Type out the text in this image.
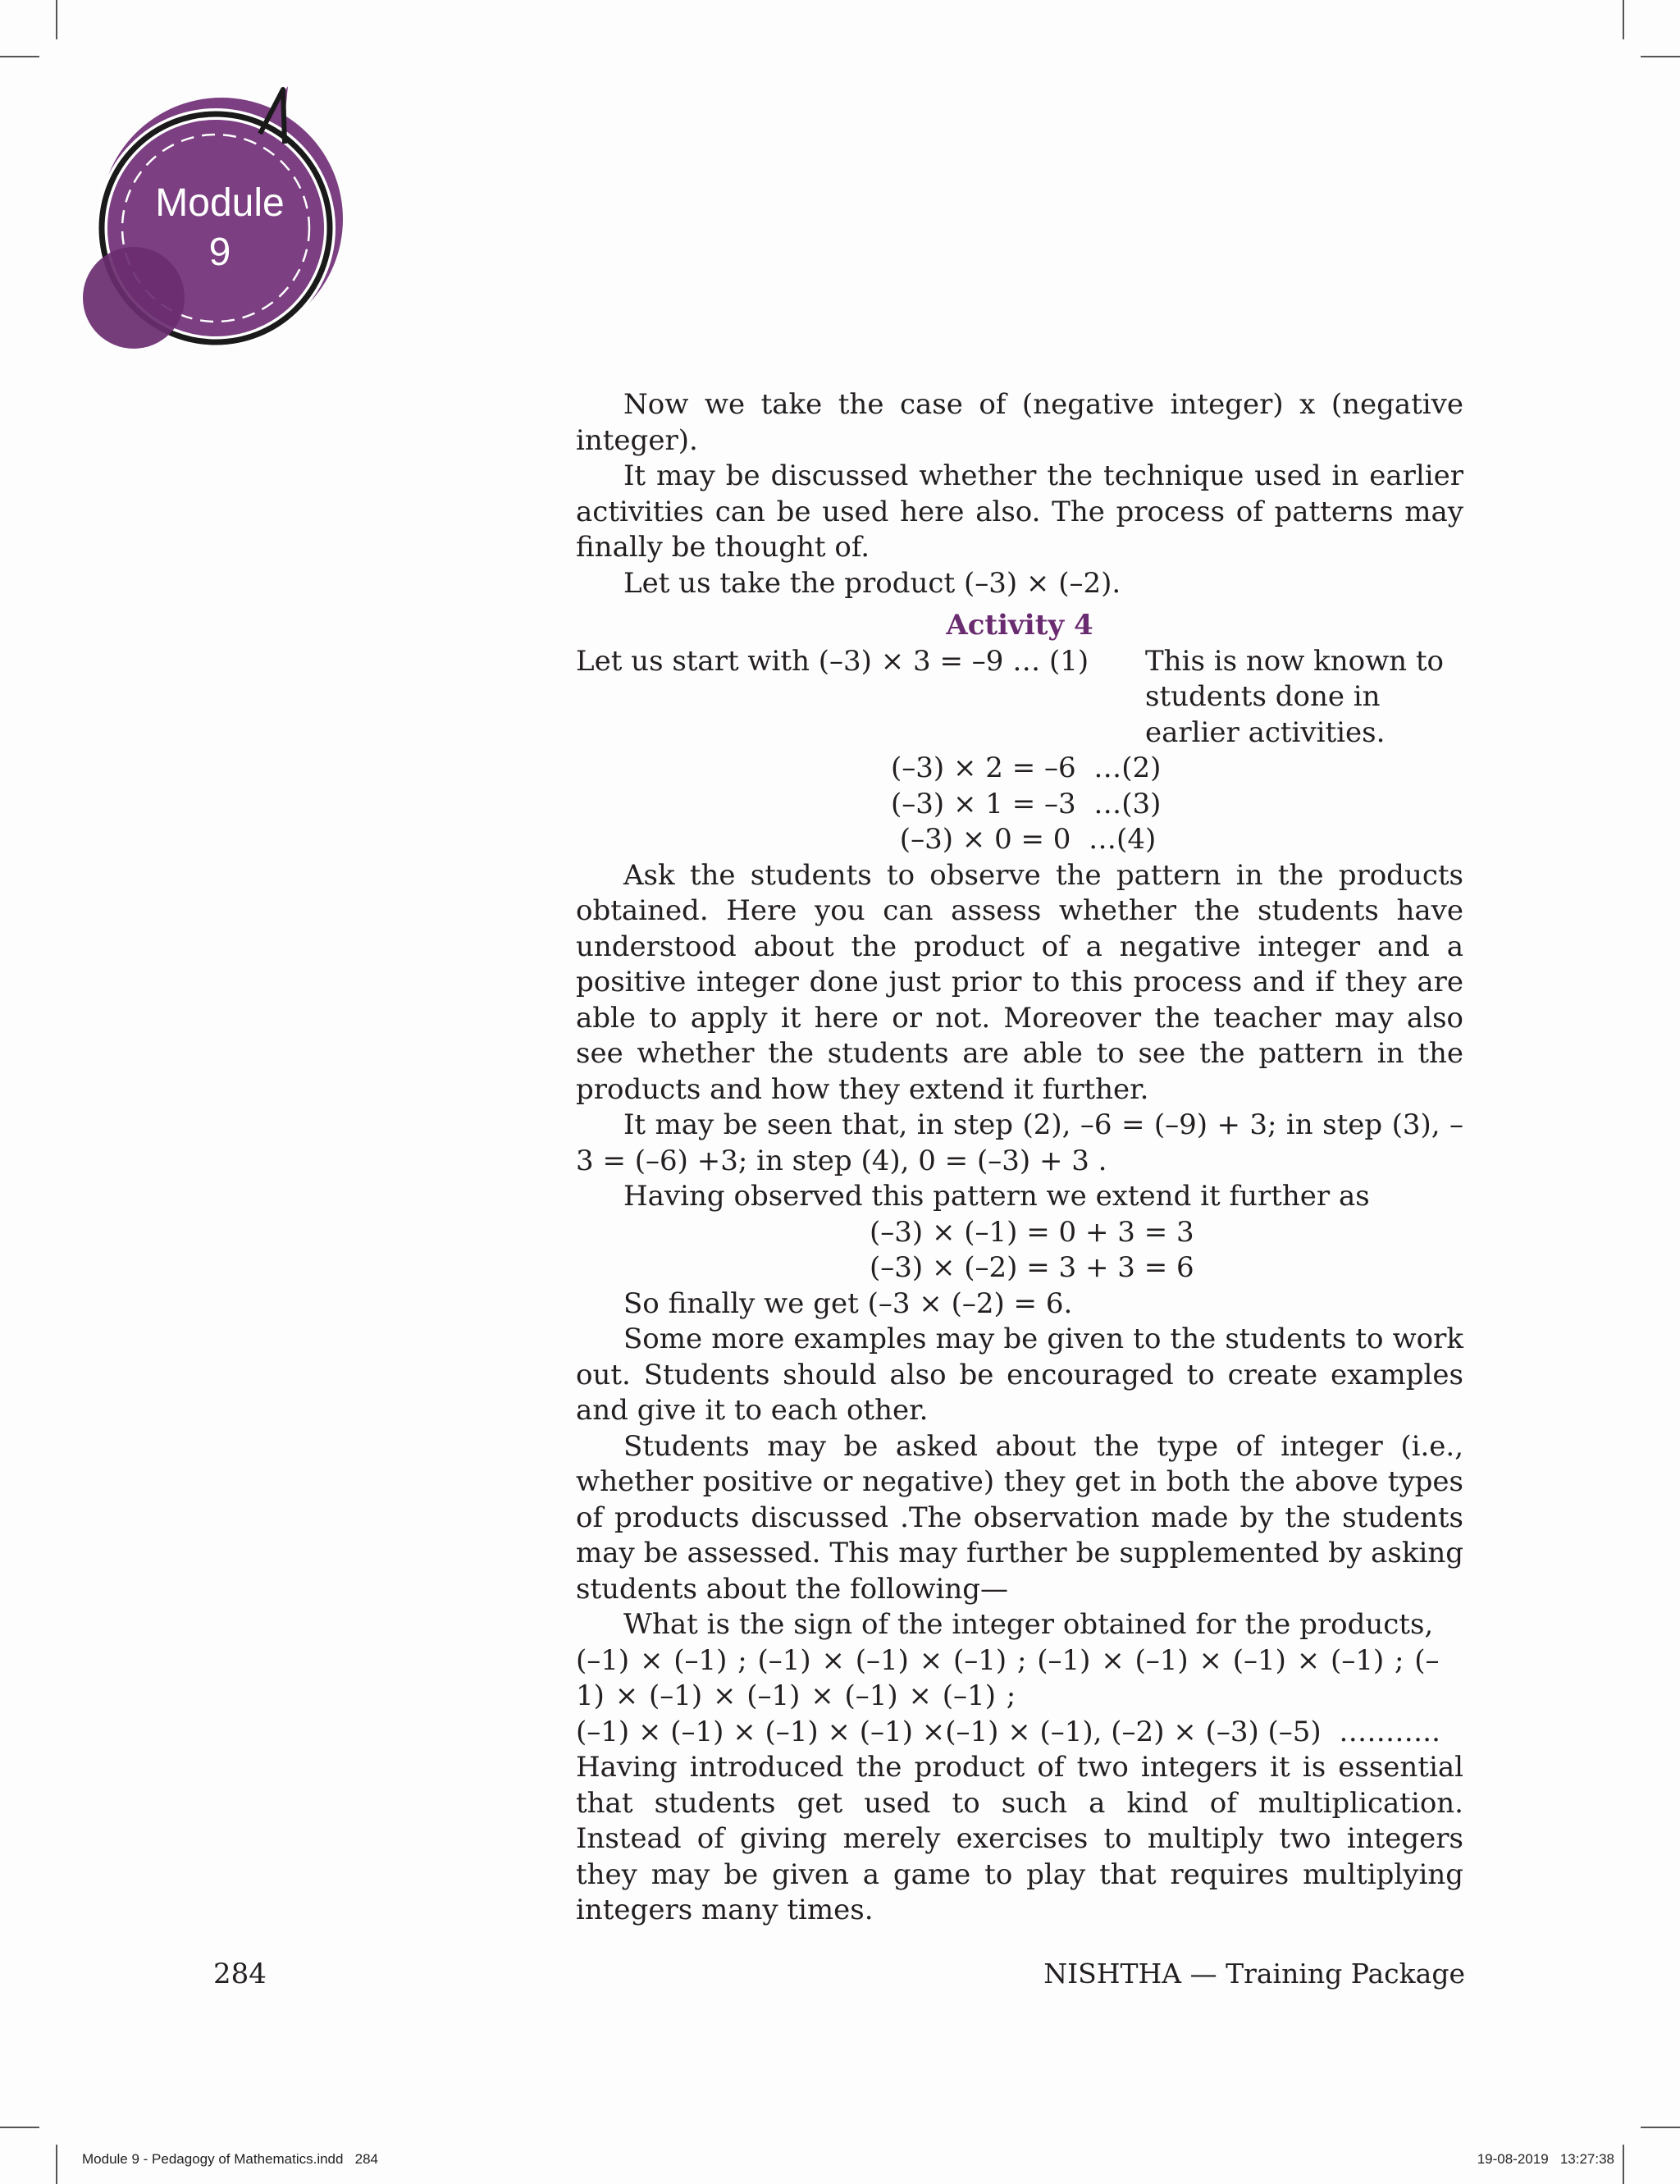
Module
9

Now we take the case of (negative integer) x (negative integer).

It may be discussed whether the technique used in earlier activities can be used here also. The process of patterns may finally be thought of.

Let us take the product (–3) × (–2).

Activity 4

Let us start with (–3) × 3 = –9 … (1)	This is now known to
students done in
earlier activities.

(–3) × 2 = –6  …(2)

(–3) × 1 = –3  …(3)

(–3) × 0 = 0  …(4)

Ask the students to observe the pattern in the products obtained. Here you can assess whether the students have understood about the product of a negative integer and a positive integer done just prior to this process and if they are able to apply it here or not. Moreover the teacher may also see whether the students are able to see the pattern in the products and how they extend it further.

It may be seen that, in step (2), –6 = (–9) + 3; in step (3), –3 = (–6) +3; in step (4), 0 = (–3) + 3 .

Having observed this pattern we extend it further as

(–3) × (–1) = 0 + 3 = 3

(–3) × (–2) = 3 + 3 = 6

So finally we get (–3 × (–2) = 6.

Some more examples may be given to the students to work out. Students should also be encouraged to create examples and give it to each other.

Students may be asked about the type of integer (i.e., whether positive or negative) they get in both the above types of products discussed .The observation made by the students may be assessed. This may further be supplemented by asking students about the following—

What is the sign of the integer obtained for the products,

(–1) × (–1) ; (–1) × (–1) × (–1) ; (–1) × (–1) × (–1) × (–1) ; (–1) × (–1) × (–1) × (–1) × (–1) ;

(–1) × (–1) × (–1) × (–1) ×(–1) × (–1), (–2) × (–3) (–5)  ………..

Having introduced the product of two integers it is essential that students get used to such a kind of multiplication. Instead of giving merely exercises to multiply two integers they may be given a game to play that requires multiplying integers many times.

284	NISHTHA — Training Package
Module 9 - Pedagogy of Mathematics.indd   284	19-08-2019   13:27:38
